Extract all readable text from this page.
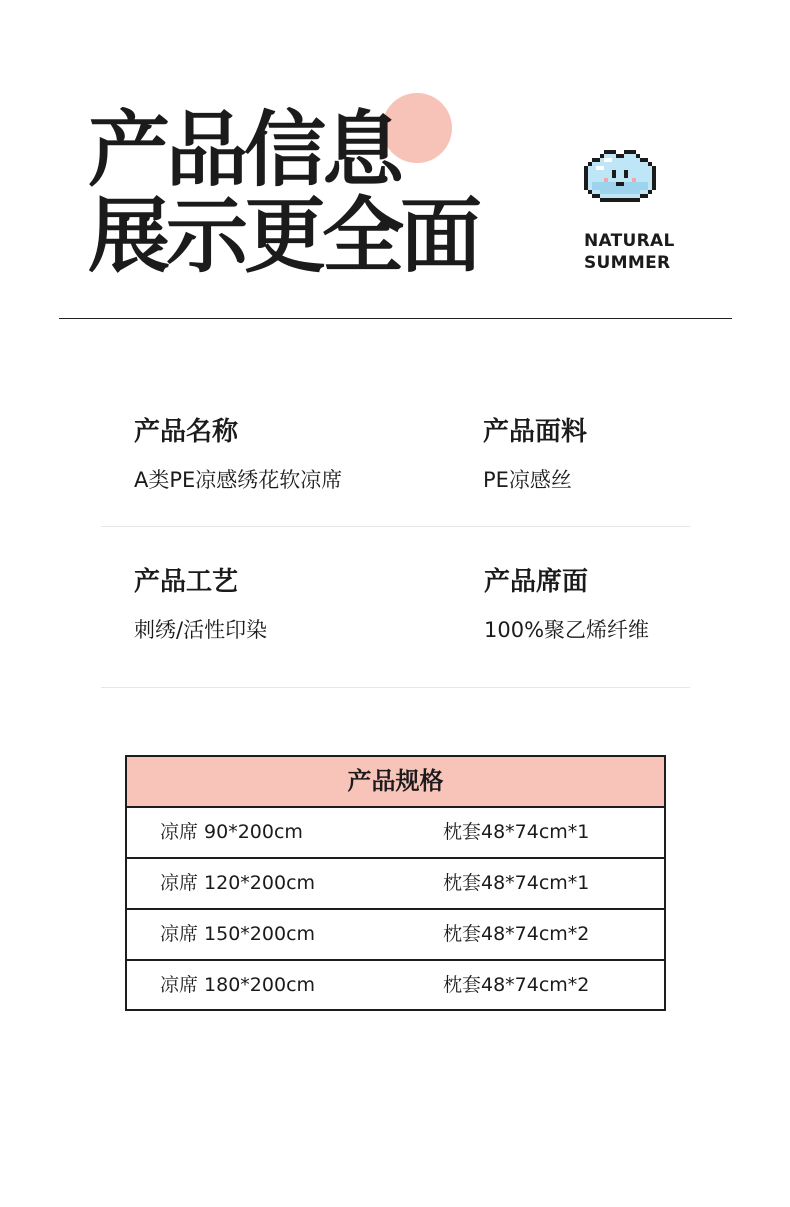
产品信息
展示更全面	NATURAL
SUMMER
产品名称
A类PE凉感绣花软凉席
产品面料
PE凉感丝
产品工艺
刺绣/活性印染
产品席面
100%聚乙烯纤维
产品规格
凉席 90*200cm	枕套48*74cm*1
凉席 120*200cm	枕套48*74cm*1
凉席 150*200cm	枕套48*74cm*2
凉席 180*200cm	枕套48*74cm*2
